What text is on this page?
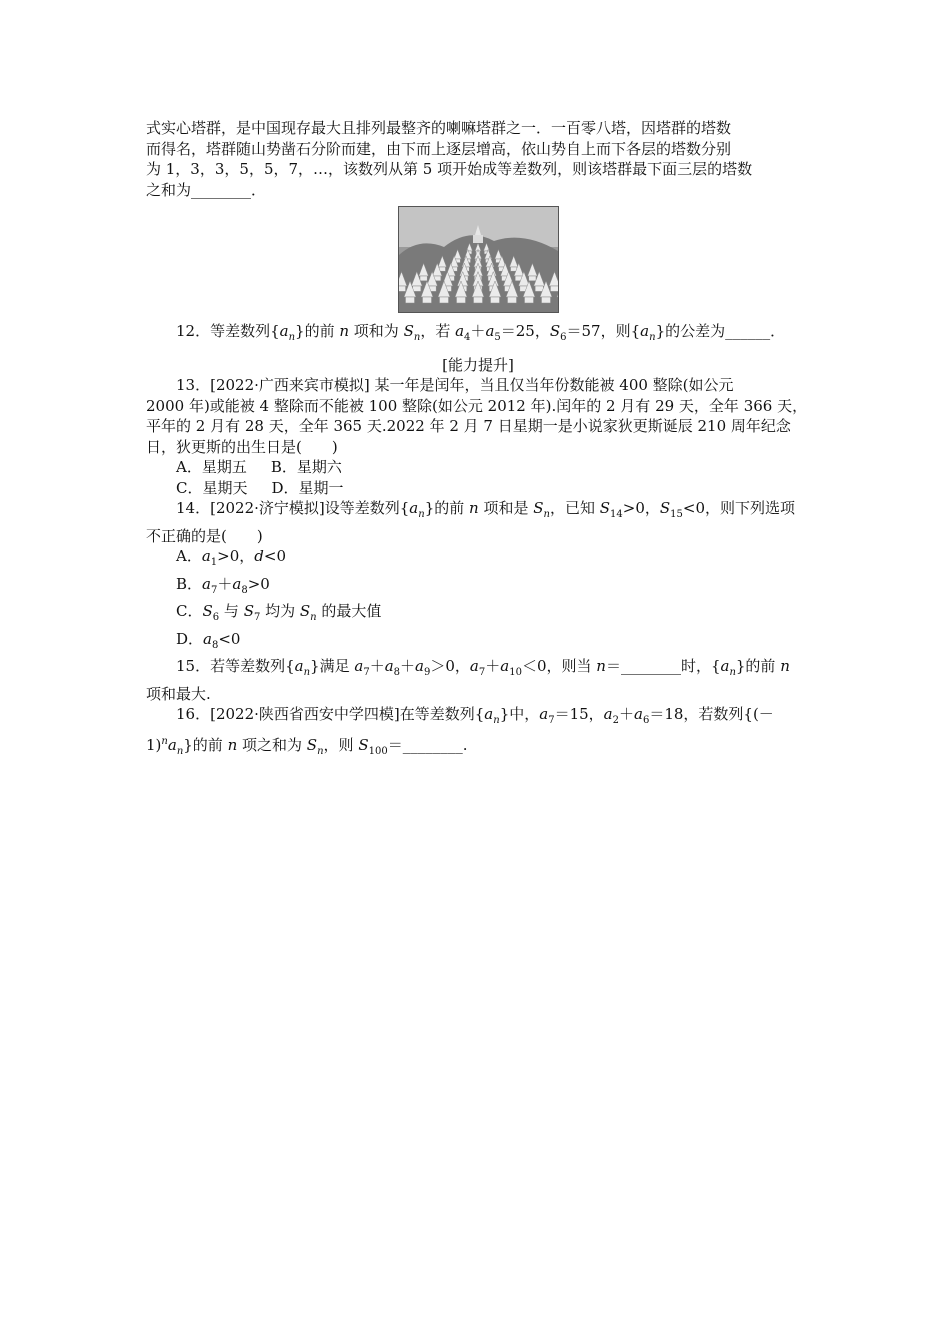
式实心塔群，是中国现存最大且排列最整齐的喇嘛塔群之一．一百零八塔，因塔群的塔数
而得名，塔群随山势凿石分阶而建，由下而上逐层增高，依山势自上而下各层的塔数分别
为 1，3，3，5，5，7，…，该数列从第 5 项开始成等差数列，则该塔群最下面三层的塔数
之和为________．
12．等差数列$\{a_n\}$的前 n 项和为 $S_n$，若 $a_4+a_5=25$，$S_6=57$，则$\{a_n\}$的公差为______．
[能力提升]
13．[2022·广西来宾市模拟] 某一年是闰年，当且仅当年份数能被 400 整除(如公元
2000 年)或能被 4 整除而不能被 100 整除(如公元 2012 年).闰年的 2 月有 29 天，全年 366 天，
平年的 2 月有 28 天，全年 365 天.2022 年 2 月 7 日星期一是小说家狄更斯诞辰 210 周年纪念
日，狄更斯的出生日是(　　)
A．星期五 B．星期六
C．星期天 D．星期一
14．[2022·济宁模拟]设等差数列$\{a_n\}$的前 n 项和是 $S_n$，已知 $S_{14}>0$，$S_{15}<0$，则下列选项
不正确的是(　　)
A．$a_1>0$，d<0
B．$a_7+a_8>0$
C．$S_6$ 与 $S_7$ 均为 $S_n$ 的最大值
D．$a_8<0$
15．若等差数列$\{a_n\}$满足 $a_7+a_8+a_9>0$，$a_7+a_{10}<0$，则当 n＝________时，$\{a_n\}$的前 n
项和最大.
16．[2022·陕西省西安中学四模]在等差数列$\{a_n\}$中，$a_7=15$，$a_2+a_6=18$，若数列{(－
$1)^na_n$}的前 n 项之和为 $S_n$，则 $S_{100}=\_\_\_\_\_\_\_\_$.
